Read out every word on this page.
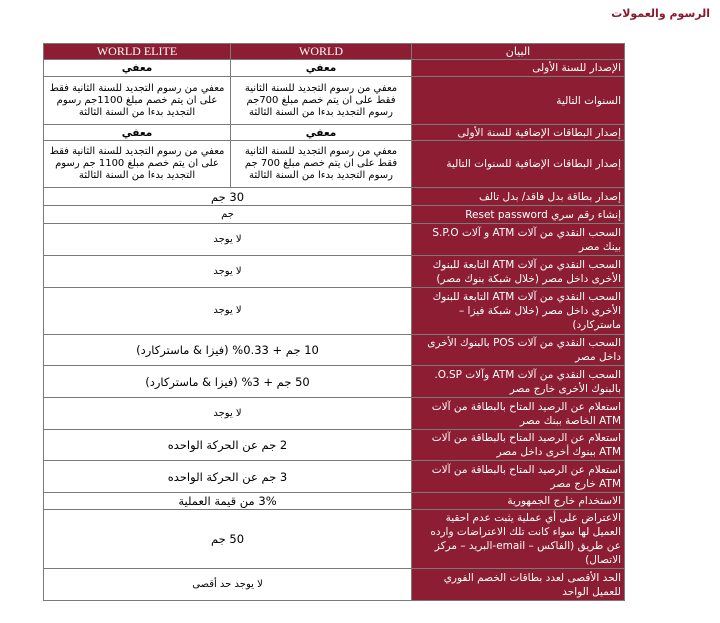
الرسوم والعمولات
WORLD ELITE	WORLD	البيان
معفي	معفي	الإصدار للسنة الأولى
معفي من رسوم التجديد للسنة الثانية فقط على ان يتم خصم مبلغ 1100جم رسوم التجديد بدءا من السنة الثالثة	معفي من رسوم التجديد للسنة الثانية فقط على ان يتم خصم مبلغ 700جم رسوم التجديد بدءا من السنة الثالثة	السنوات التالية
معفي	معفي	إصدار البطاقات الإضافية للسنة الأولى
معفي من رسوم التجديد للسنة الثانية فقط على ان يتم خصم مبلغ 1100 جم رسوم التجديد بدءا من السنة الثالثة	معفي من رسوم التجديد للسنة الثانية فقط على ان يتم خصم مبلغ 700 جم رسوم التجديد بدءا من السنة الثالثة	إصدار البطاقات الإضافية للسنوات التالية
30 جم		إصدار بطاقة بدل فاقد/ بدل تالف
جم		إنشاء رقم سري Reset password
لا يوجد		السحب النقدي من آلات ATM و آلات S.P.O بينك مصر
لا يوجد		السحب النقدي من آلات ATM التابعة للبنوك الأخرى داخل مصر (خلال شبكة بنوك مصر)
لا يوجد		السحب النقدي من آلات ATM التابعة للبنوك الأخرى داخل مصر (خلال شبكة فيزا – ماستركارد)
10 جم + 0.33% (فيزا & ماستركارد)		السحب النقدي من آلات POS بالبنوك الأخرى داخل مصر
50 جم + 3% (فيزا & ماستركارد)		السحب النقدي من آلات ATM وآلات O.SP. بالبنوك الأخرى خارج مصر
لا يوجد		استعلام عن الرصيد المتاح بالبطاقة من آلات ATM الخاصة ببنك مصر
2 جم عن الحركة الواحده		استعلام عن الرصيد المتاح بالبطاقة من آلات ATM ببنوك أخرى داخل مصر
3 جم عن الحركة الواحده		استعلام عن الرصيد المتاح بالبطاقة من آلات ATM خارج مصر
3% من قيمة العملية		الاستخدام خارج الجمهورية
50 جم		الاعتراض على أي عملية يثبت عدم احقية العميل لها سواء كانت تلك الاعتراضات وارده عن طريق (الفاكس – email-البريد – مركز الاتصال)
لا يوجد حد أقصى		الحد الأقصى لعدد بطاقات الخصم الفوري للعميل الواحد
